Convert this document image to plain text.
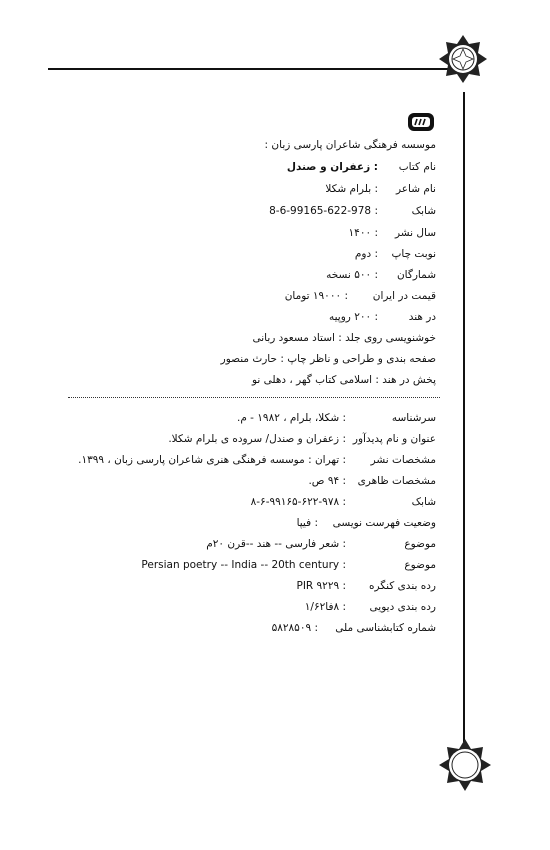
موسسه فرهنگی شاعران پارسی زبان :
نام کتاب
: زعفران و صندل
نام شاعر
: بلرام شکلا
شابک
: 8-6-99165-622-978
سال نشر
: ۱۴۰۰
نوبت چاپ
: دوم
شمارگان
: ۵۰۰ نسخه
قیمت در ایران
: ۱۹۰۰۰ تومان
در هند
: ۲۰۰ روپیه
خوشنویسی روی جلد : استاد مسعود ربانی
صفحه بندی و طراحی و ناظر چاپ : حارث منصور
پخش در هند : اسلامی کتاب گهر ، دهلی نو
سرشناسه
: شکلا، بلرام ، ۱۹۸۲ - م.
عنوان و نام پدیدآور
: زعفران و صندل/ سروده ی بلرام شکلا.
مشخصات نشر
: تهران : موسسه فرهنگی هنری شاعران پارسی زبان ، ۱۳۹۹.
مشخصات ظاهری
: ۹۴ ص.
شابک
: ۸-۶-۹۹۱۶۵-۶۲۲-۹۷۸
وضعیت فهرست نویسی
: فیپا
موضوع
: شعر فارسی -- هند --قرن ۲۰م
موضوع
: Persian poetry -- India -- 20th century
رده بندی کنگره
: PIR ۹۲۲۹
رده بندی دیویی
: ۸فا۱/۶۲
شماره کتابشناسی ملی
: ۵۸۲۸۵۰۹
